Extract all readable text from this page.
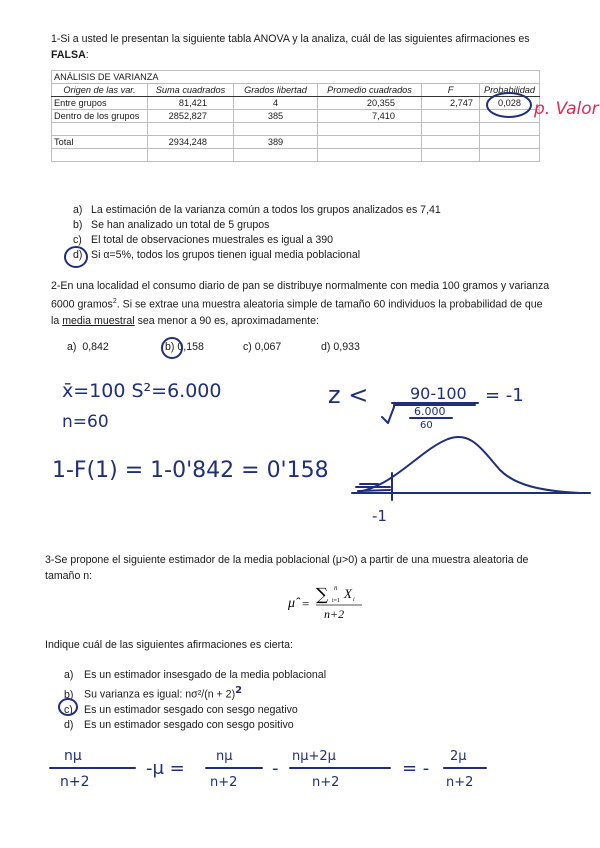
1-Si a usted le presentan la siguiente tabla ANOVA y la analiza, cuál de las siguientes afirmaciones es
FALSA:
ANÁLISIS DE VARIANZA					
Origen de las var.	Suma cuadrados	Grados libertad	Promedio cuadrados	F	Probabilidad
Entre grupos	81,421	4	20,355	2,747	0,028
Dentro de los grupos	2852,827	385	7,410		

Total	2934,248	389			

p. Valor
a) La estimación de la varianza común a todos los grupos analizados es 7,41
b) Se han analizado un total de 5 grupos
c) El total de observaciones muestrales es igual a 390
d) Si α=5%, todos los grupos tienen igual media poblacional
2-En una localidad el consumo diario de pan se distribuye normalmente con media 100 gramos y varianza
6000 gramos$^2$. Si se extrae una muestra aleatoria simple de tamaño 60 individuos la probabilidad de que
la media muestral sea menor a 90 es, aproximadamente:
a) 0,842	b) 0,158	c) 0,067	d) 0,933
x̄=100 S²=6.000
n=60
z <	90-100
6.000
60
= -1
1-F(1) = 1-0'842 = 0'158
-1
3-Se propone el siguiente estimador de la media poblacional (μ>0) a partir de una muestra aleatoria de
tamaño n:
μ̂ = ∑ n
i=1 X i
n+2
Indique cuál de las siguientes afirmaciones es cierta:
a) Es un estimador insesgado de la media poblacional
b) Su varianza es igual: nσ²/(n + 2)2
c) Es un estimador sesgado con sesgo negativo
d) Es un estimador sesgado con sesgo positivo
nμ
n+2
-μ =
nμ
n+2
-
nμ+2μ
n+2
= -
2μ
n+2
